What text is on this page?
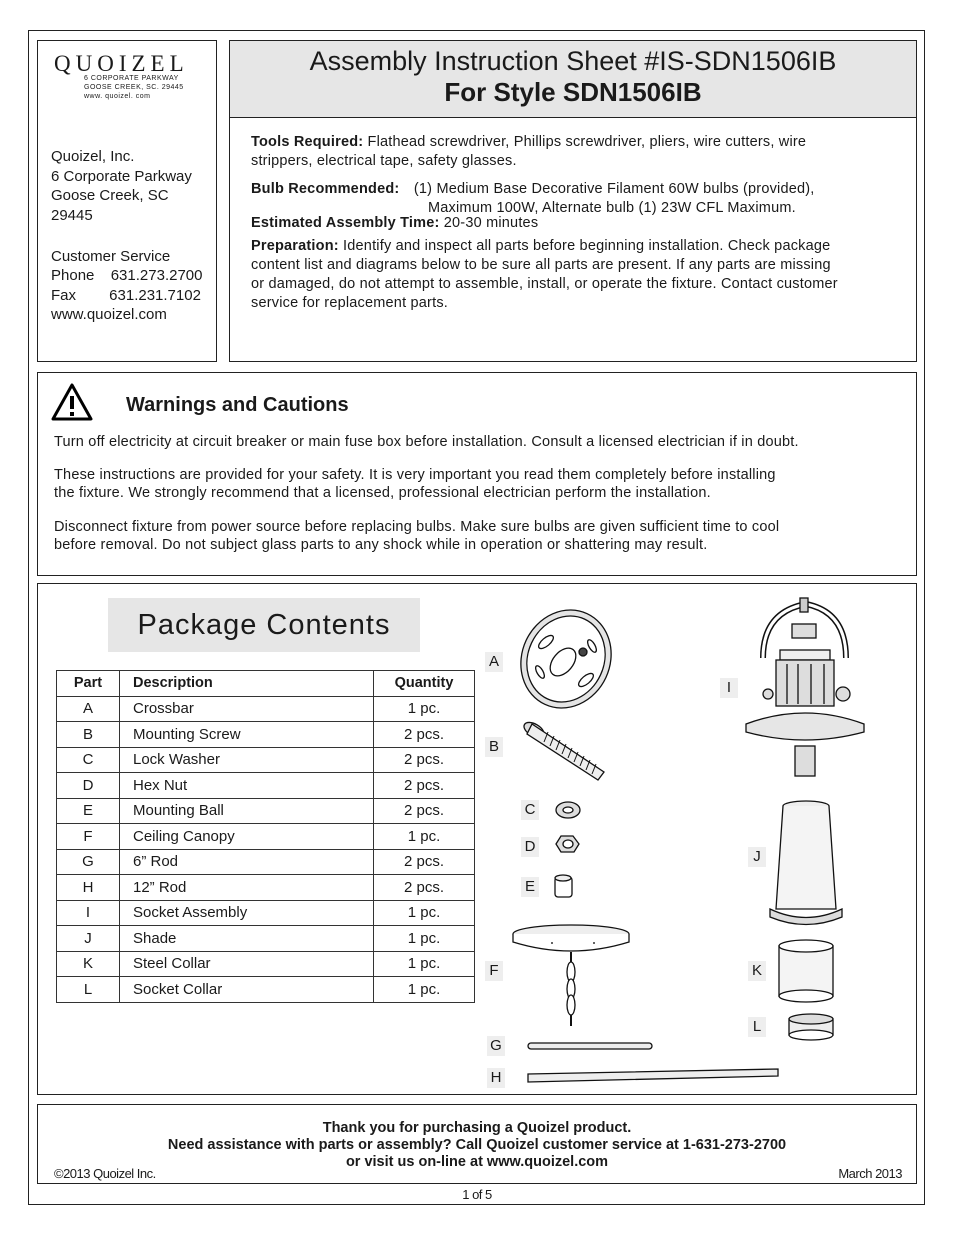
QUOIZEL
6 CORPORATE PARKWAY
GOOSE CREEK, SC. 29445
www. quoizel. com
Quoizel, Inc.
6 Corporate Parkway
Goose Creek, SC
29445
Customer Service
Phone 631.273.2700
Fax 631.231.7102
www.quoizel.com
Assembly Instruction Sheet #IS-SDN1506IB
For Style SDN1506IB
Tools Required: Flathead screwdriver, Phillips screwdriver, pliers, wire cutters, wire
strippers, electrical tape, safety glasses.
Bulb Recommended: (1) Medium Base Decorative Filament 60W bulbs (provided),
Maximum 100W, Alternate bulb (1) 23W CFL Maximum.
Estimated Assembly Time: 20-30 minutes
Preparation: Identify and inspect all parts before beginning installation. Check package
content list and diagrams below to be sure all parts are present. If any parts are missing
or damaged, do not attempt to assemble, install, or operate the fixture. Contact customer
service for replacement parts.
Warnings and Cautions
Turn off electricity at circuit breaker or main fuse box before installation. Consult a licensed electrician if in doubt.
These instructions are provided for your safety. It is very important you read them completely before installing
the fixture. We strongly recommend that a licensed, professional electrician perform the installation.
Disconnect fixture from power source before replacing bulbs. Make sure bulbs are given sufficient time to cool
before removal. Do not subject glass parts to any shock while in operation or shattering may result.
Package Contents
Part	Description	Quantity
A	Crossbar	1 pc.
B	Mounting Screw	2 pcs.
C	Lock Washer	2 pcs.
D	Hex Nut	2 pcs.
E	Mounting Ball	2 pcs.
F	Ceiling Canopy	1 pc.
G	6” Rod	2 pcs.
H	12” Rod	2 pcs.
I	Socket Assembly	1 pc.
J	Shade	1 pc.
K	Steel Collar	1 pc.
L	Socket Collar	1 pc.
A
B
C
D
E
F
G
H
I
J
K
L
Thank you for purchasing a Quoizel product.
Need assistance with parts or assembly? Call Quoizel customer service at 1-631-273-2700
or visit us on-line at www.quoizel.com
©2013 Quoizel Inc.	March 2013
1 of 5
